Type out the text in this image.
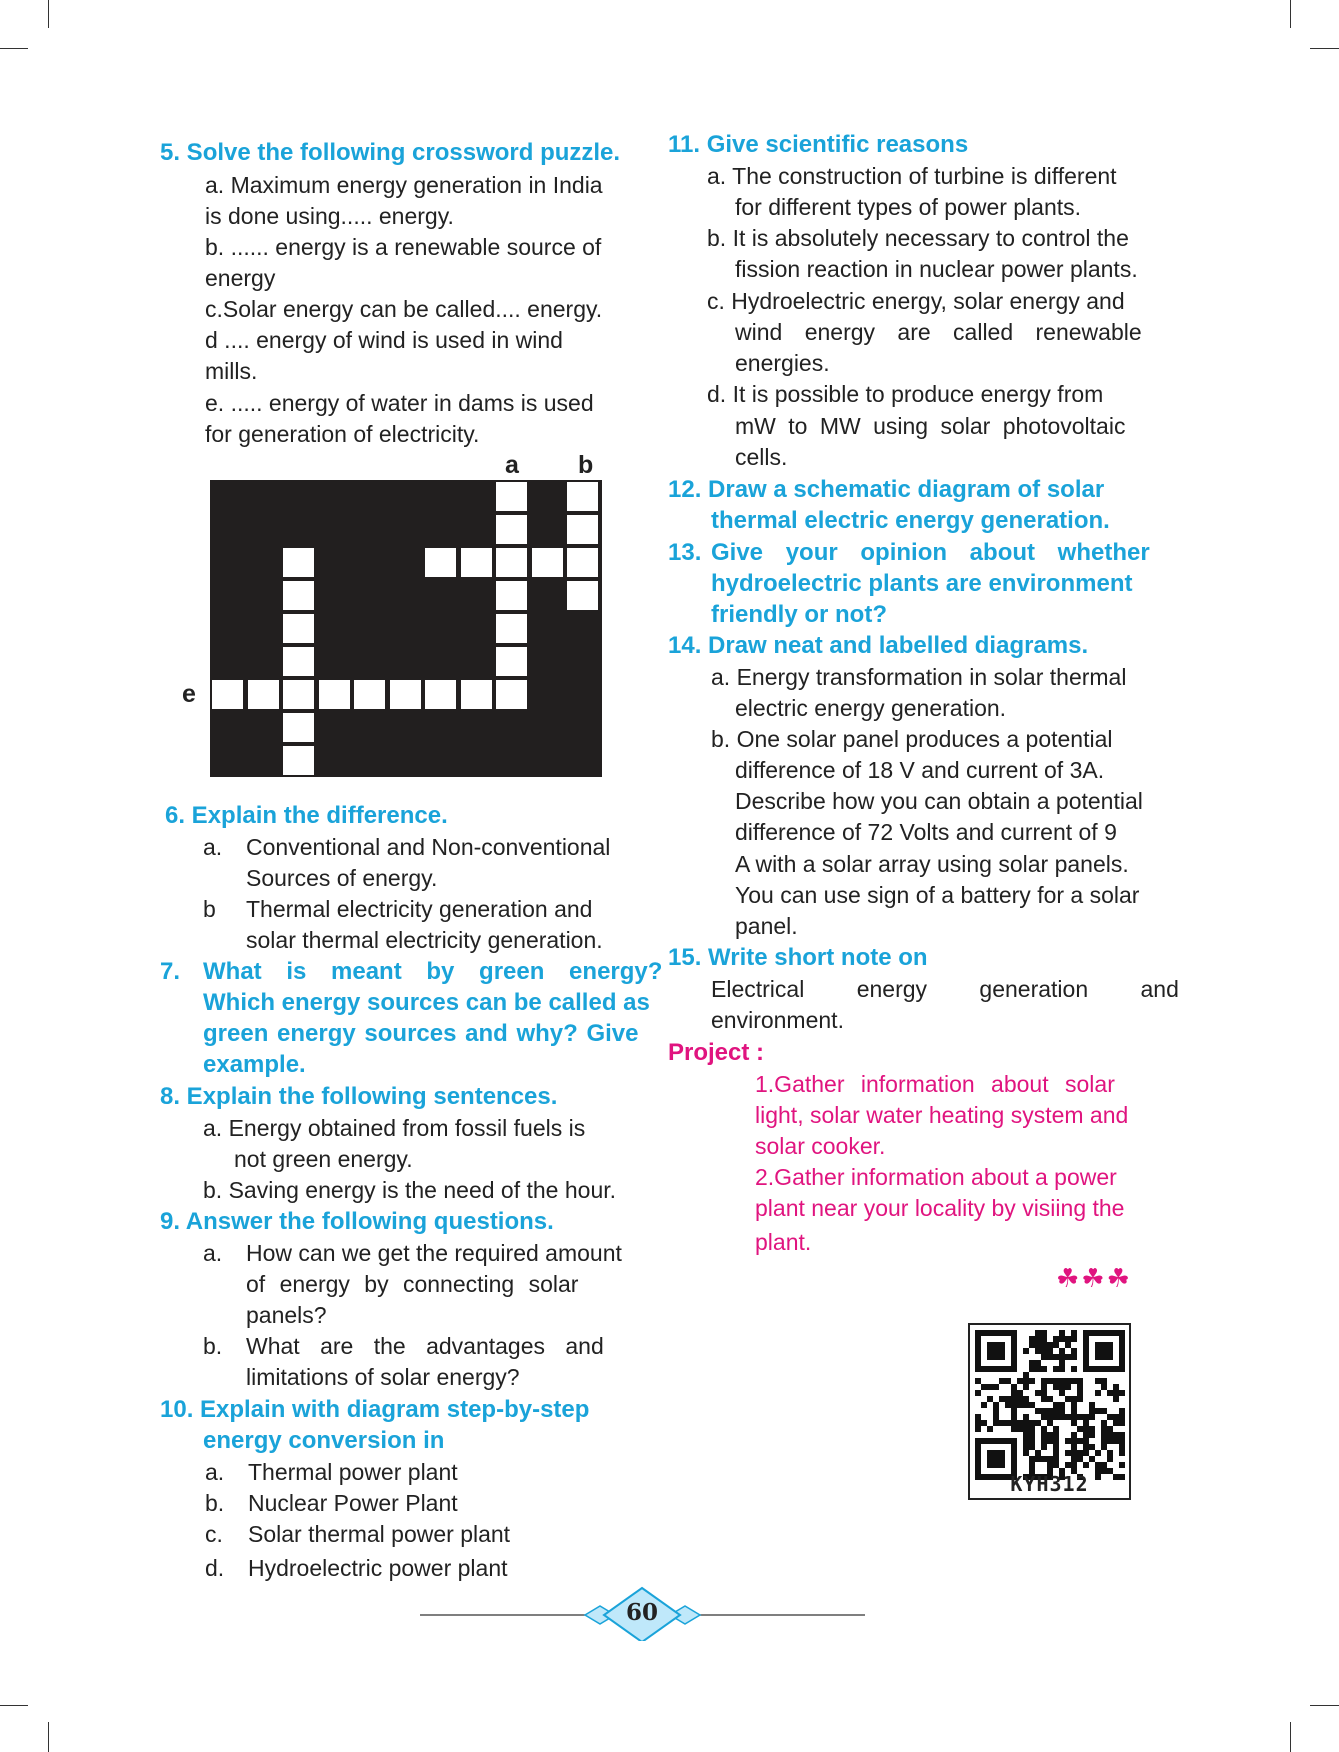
5. Solve the following crossword puzzle.
a. Maximum energy generation in India
is done using..... energy.
b. ...... energy is a renewable source of
energy
c.Solar energy can be called.... energy.
d .... energy of wind is used in wind
mills.
e. ..... energy of water in dams is used
for generation of electricity.
a b
e
6. Explain the difference.
a. Conventional and Non-conventional
Sources of energy.
b Thermal electricity generation and
solar thermal electricity generation.
7. What is meant by green energy?
Which energy sources can be called as
green energy sources and why? Give
example.
8. Explain the following sentences.
a. Energy obtained from fossil fuels is
not green energy.
b. Saving energy is the need of the hour.
9. Answer the following questions.
a. How can we get the required amount
of energy by connecting solar
panels?
b. What are the advantages and
limitations of solar energy?
10. Explain with diagram step-by-step
energy conversion in
a. Thermal power plant
b. Nuclear Power Plant
c. Solar thermal power plant
d. Hydroelectric power plant
11. Give scientific reasons
a. The construction of turbine is different
for different types of power plants.
b. It is absolutely necessary to control the
fission reaction in nuclear power plants.
c. Hydroelectric energy, solar energy and
wind energy are called renewable
energies.
d. It is possible to produce energy from
mW to MW using solar photovoltaic
cells.
12. Draw a schematic diagram of solar
thermal electric energy generation.
13. Give your opinion about whether
hydroelectric plants are environment
friendly or not?
14. Draw neat and labelled diagrams.
a. Energy transformation in solar thermal
electric energy generation.
b. One solar panel produces a potential
difference of 18 V and current of 3A.
Describe how you can obtain a potential
difference of 72 Volts and current of 9
A with a solar array using solar panels.
You can use sign of a battery for a solar
panel.
15. Write short note on
Electrical energy generation and
environment.
Project :
1.Gather information about solar
light, solar water heating system and
solar cooker.
2.Gather information about a power
plant near your locality by visiing the
plant.
☘☘☘
KYH312
60
